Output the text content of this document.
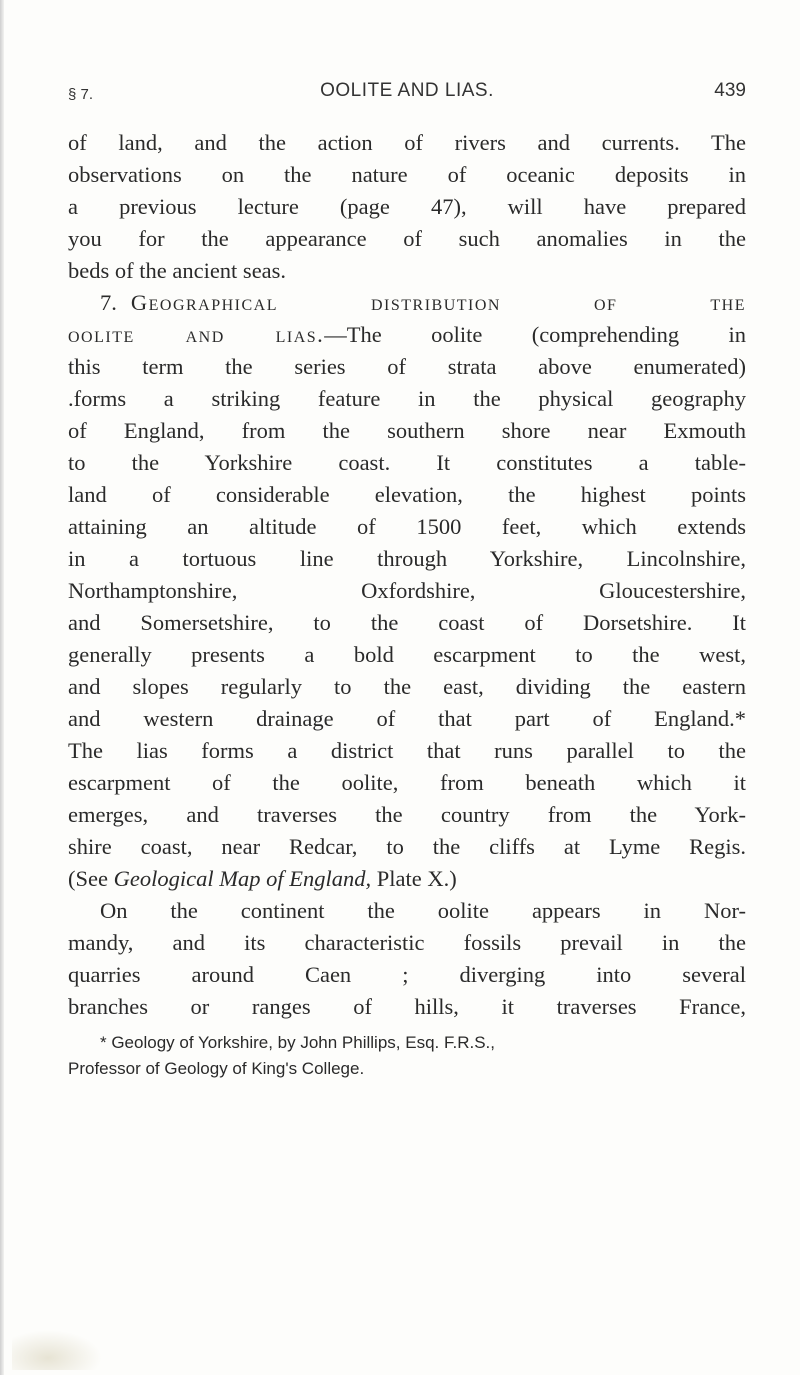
§ 7.	OOLITE AND LIAS.	439
of land, and the action of rivers and currents. The
observations on the nature of oceanic deposits in
a previous lecture (page 47), will have prepared
you for the appearance of such anomalies in the
beds of the ancient seas.
7. Geographical distribution of the
oolite and lias.—The oolite (comprehending in
this term the series of strata above enumerated)
.forms a striking feature in the physical geography
of England, from the southern shore near Exmouth
to the Yorkshire coast. It constitutes a table-
land of considerable elevation, the highest points
attaining an altitude of 1500 feet, which extends
in a tortuous line through Yorkshire, Lincolnshire,
Northamptonshire, Oxfordshire, Gloucestershire,
and Somersetshire, to the coast of Dorsetshire. It
generally presents a bold escarpment to the west,
and slopes regularly to the east, dividing the eastern
and western drainage of that part of England.*
The lias forms a district that runs parallel to the
escarpment of the oolite, from beneath which it
emerges, and traverses the country from the York-
shire coast, near Redcar, to the cliffs at Lyme Regis.
(See Geological Map of England, Plate X.)
On the continent the oolite appears in Nor-
mandy, and its characteristic fossils prevail in the
quarries around Caen ; diverging into several
branches or ranges of hills, it traverses France,
* Geology of Yorkshire, by John Phillips, Esq. F.R.S.,
Professor of Geology of King's College.
